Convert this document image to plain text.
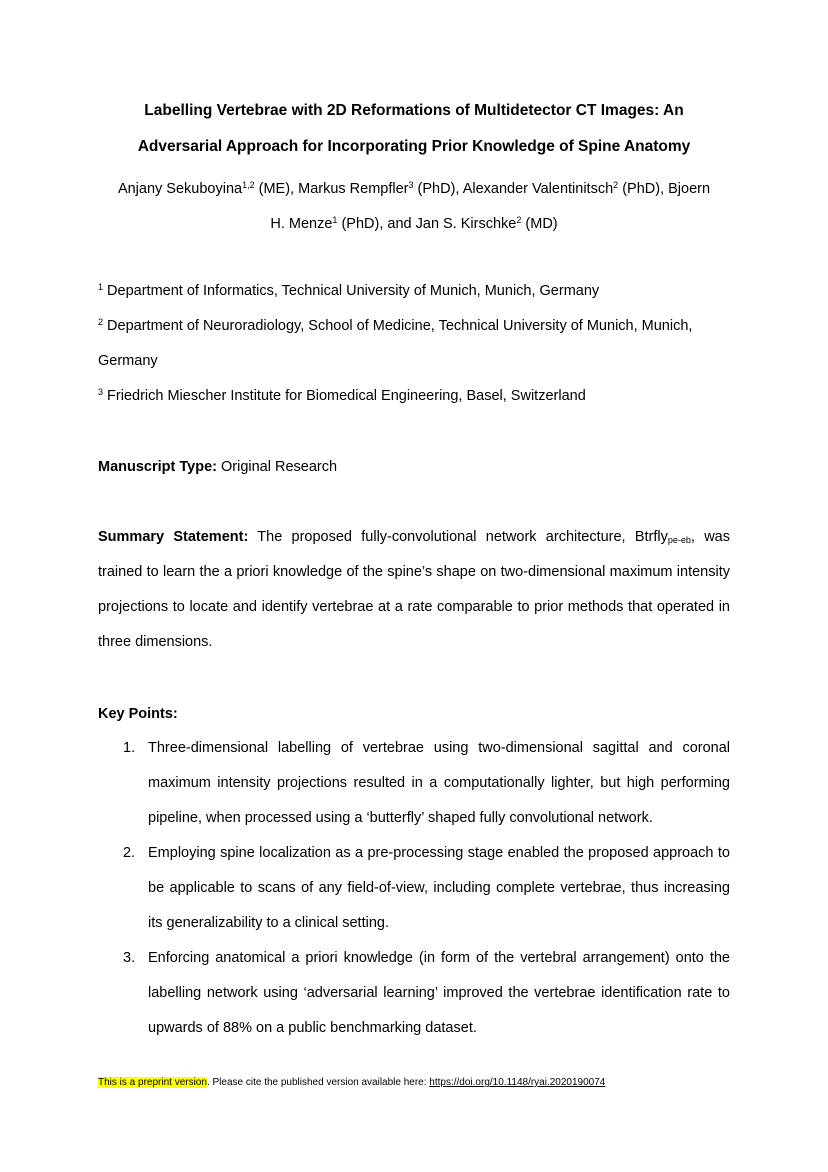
Labelling Vertebrae with 2D Reformations of Multidetector CT Images: An
Adversarial Approach for Incorporating Prior Knowledge of Spine Anatomy
Anjany Sekuboyina$^{1,2}$ (ME), Markus Rempfler$^3$ (PhD), Alexander Valentinitsch$^2$ (PhD), Bjoern
H. Menze$^1$ (PhD), and Jan S. Kirschke$^2$ (MD)
$^1$ Department of Informatics, Technical University of Munich, Munich, Germany
$^2$ Department of Neuroradiology, School of Medicine, Technical University of Munich, Munich, Germany
$^3$ Friedrich Miescher Institute for Biomedical Engineering, Basel, Switzerland
Manuscript Type: Original Research
Summary Statement: The proposed fully-convolutional network architecture, Btrfly$_{pe-eb}$, was trained to learn the a priori knowledge of the spine’s shape on two-dimensional maximum intensity projections to locate and identify vertebrae at a rate comparable to prior methods that operated in three dimensions.
Key Points:
1. Three-dimensional labelling of vertebrae using two-dimensional sagittal and coronal maximum intensity projections resulted in a computationally lighter, but high performing pipeline, when processed using a ‘butterfly’ shaped fully convolutional network.
2. Employing spine localization as a pre-processing stage enabled the proposed approach to be applicable to scans of any field-of-view, including complete vertebrae, thus increasing its generalizability to a clinical setting.
3. Enforcing anatomical a priori knowledge (in form of the vertebral arrangement) onto the labelling network using ‘adversarial learning’ improved the vertebrae identification rate to upwards of 88% on a public benchmarking dataset.
This is a preprint version. Please cite the published version available here: https://doi.org/10.1148/ryai.2020190074
